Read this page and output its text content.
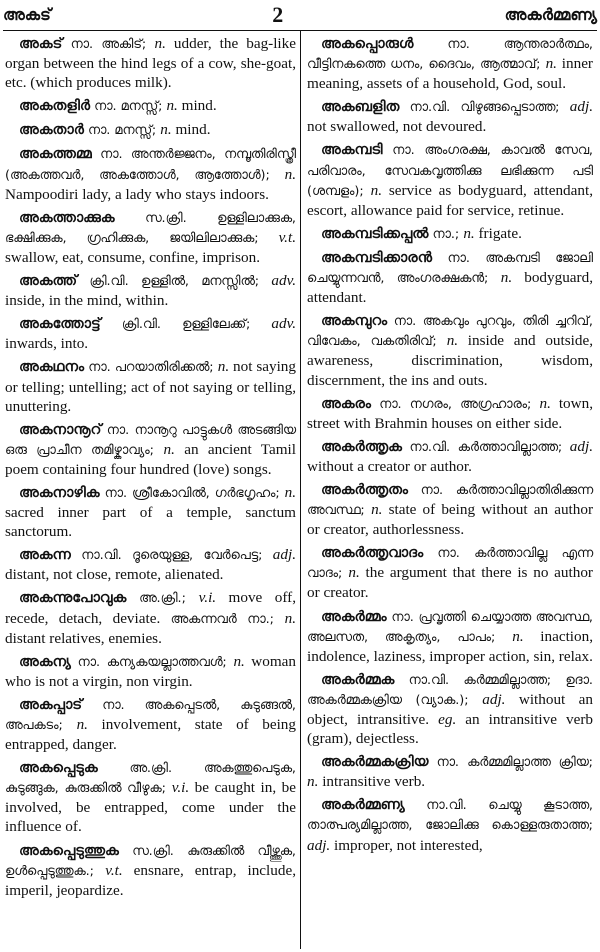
അകട്	2	അകർമ്മണ്യ

അകട് നാ. അകിട്; n. udder, the bag-like organ between the hind legs of a cow, she-goat, etc. (which produces milk).

അകതളിർ നാ. മനസ്സ്; n. mind.

അകതാർ നാ. മനസ്സ്; n. mind.

അകത്തമ്മ നാ. അന്തർജ്ജനം, നമ്പൂതിരിസ്ത്രീ (അകത്തവർ, അകത്തോൾ, ആത്തോൾ); n. Nampoodiri lady, a lady who stays indoors.

അകത്താക്കുക സ.ക്രി. ഉള്ളിലാക്കുക, ഭക്ഷിക്കുക, ഗ്രഹിക്കുക, ജയിലിലാക്കുക; v.t. swallow, eat, consume, confine, imprison.

അകത്ത് ക്രി.വി. ഉള്ളിൽ, മനസ്സിൽ; adv. inside, in the mind, within.

അകത്തോട്ട് ക്രി.വി. ഉള്ളിലേക്ക്; adv. inwards, into.

അകഥനം നാ. പറയാതിരിക്കൽ; n. not saying or telling; untelling; act of not saying or telling, unuttering.

അകനാനൂറ് നാ. നാനൂറു പാട്ടുകൾ അടങ്ങിയ ഒരു പ്രാചീന തമിഴ്കാവ്യം; n. an ancient Tamil poem containing four hundred (love) songs.

അകനാഴിക നാ. ശ്രീകോവിൽ, ഗർഭഗൃഹം; n. sacred inner part of a temple, sanctum sanctorum.

അകന്ന നാ.വി. ദൂരെയുള്ള, വേർപെട്ട; adj. distant, not close, remote, alienated.

അകന്നുപോവുക അ.ക്രി.; v.i. move off, recede, detach, deviate. അകന്നവർ നാ.; n. distant relatives, enemies.

അകന്യ നാ. കന്യകയല്ലാത്തവൾ; n. woman who is not a virgin, non virgin.

അകപ്പാട് നാ. അകപ്പെടൽ, കുടുങ്ങൽ, അപകടം; n. involvement, state of being entrapped, danger.

അകപ്പെടുക അ.ക്രി. അകത്തുപെടുക, കുടുങ്ങുക, കുരുക്കിൽ വീഴുക; v.i. be caught in, be involved, be entrapped, come under the influence of.

അകപ്പെടുത്തുക സ.ക്രി. കുരുക്കിൽ വീഴ്ത്തുക, ഉൾപ്പെടുത്തുക.; v.t. ensnare, entrap, include, imperil, jeopardize.

അകപ്പൊരുൾ നാ. ആന്തരാർത്ഥം, വീട്ടിനകത്തെ ധനം, ദൈവം, ആത്മാവ്; n. inner meaning, assets of a household, God, soul.

അകബളിത നാ.വി. വിഴുങ്ങപ്പെടാത്ത; adj. not swallowed, not devoured.

അകമ്പടി നാ. അംഗരക്ഷ, കാവൽ സേവ, പരിവാരം, സേവകവൃത്തിക്കു ലഭിക്കുന്ന പടി (ശമ്പളം); n. service as bodyguard, attendant, escort, allowance paid for service, retinue.

അകമ്പടിക്കപ്പൽ നാ.; n. frigate.

അകമ്പടിക്കാരൻ നാ. അകമ്പടി ജോലി ചെയ്യുന്നവൻ, അംഗരക്ഷകൻ; n. bodyguard, attendant.

അകമ്പുറം നാ. അകവും പുറവും, തിരി ച്ചറിവ്, വിവേകം, വകതിരിവ്; n. inside and outside, awareness, discrimination, wisdom, discernment, the ins and outs.

അകരം നാ. നഗരം, അഗ്രഹാരം; n. town, street with Brahmin houses on either side.

അകർത്തൃക നാ.വി. കർത്താവില്ലാത്ത; adj. without a creator or author.

അകർത്തൃതം നാ. കർത്താവില്ലാതിരിക്കുന്ന അവസ്ഥ; n. state of being without an author or creator, authorlessness.

അകർത്തൃവാദം നാ. കർത്താവില്ല എന്ന വാദം; n. the argument that there is no author or creator.

അകർമ്മം നാ. പ്രവൃത്തി ചെയ്യാത്ത അവസ്ഥ, അലസത, അകൃത്യം, പാപം; n. inaction, indolence, laziness, improper action, sin, relax.

അകർമ്മക നാ.വി. കർമ്മമില്ലാത്ത; ഉദാ. അകർമ്മകക്രിയ (വ്യാക.); adj. without an object, intransitive. eg. an intransitive verb (gram), dejectless.

അകർമ്മകക്രിയ നാ. കർമ്മമില്ലാത്ത ക്രിയ; n. intransitive verb.

അകർമ്മണ്യ നാ.വി. ചെയ്യു കൂടാത്ത, താത്പര്യമില്ലാത്ത, ജോലിക്കു കൊള്ളരുതാത്ത; adj. improper, not interested,
